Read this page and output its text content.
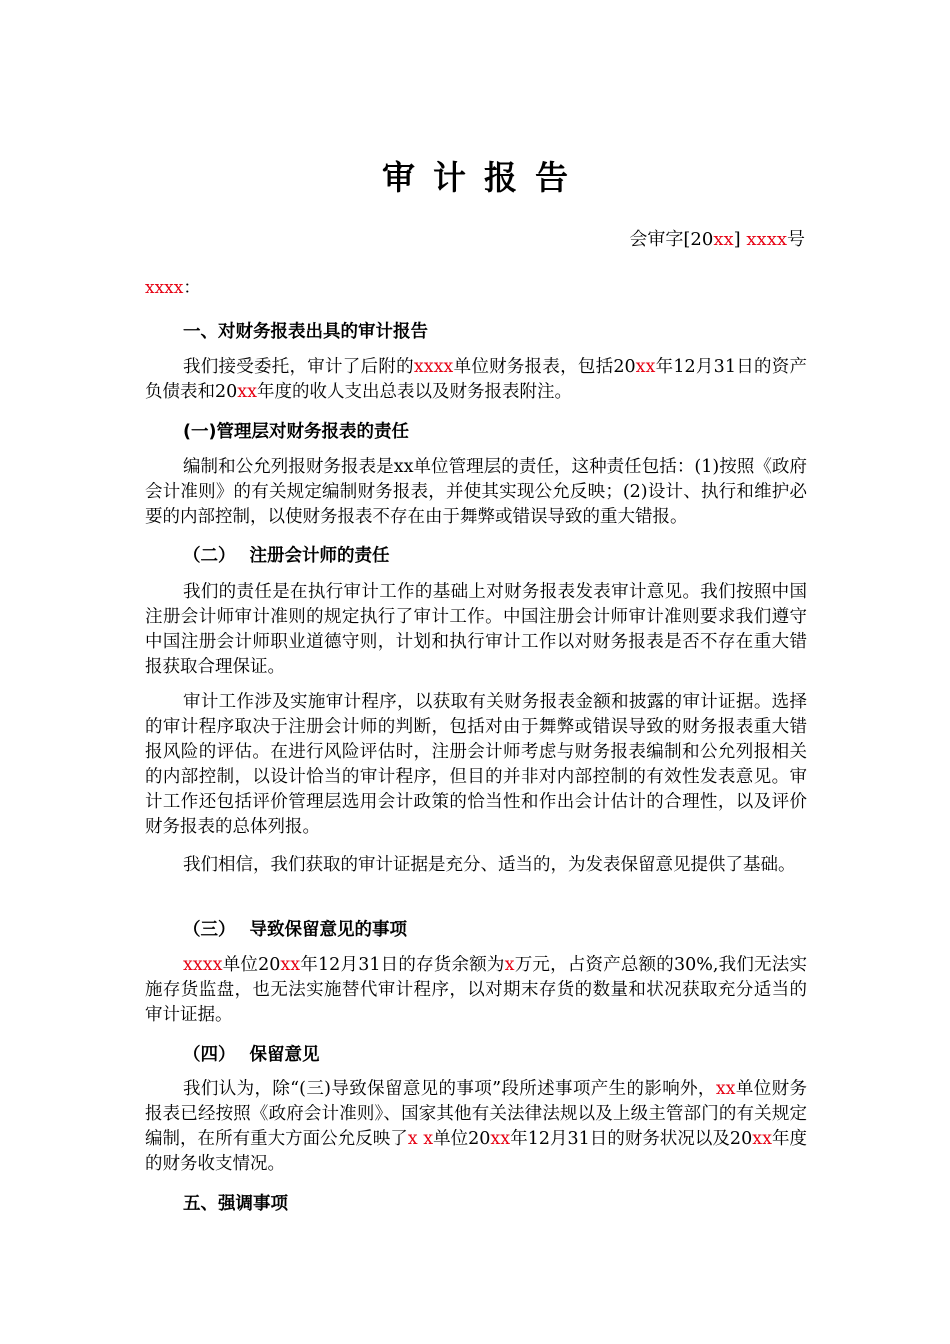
审计报告
会审字[20xx] xxxx号
xxxx：
一、对财务报表出具的审计报告

我们接受委托，审计了后附的xxxx单位财务报表，包括20xx年12月31日的资产负债表和20xx年度的收人支出总表以及财务报表附注。

(一)管理层对财务报表的责任

编制和公允列报财务报表是xx单位管理层的责任，这种责任包括：(1)按照《政府会计准则》的有关规定编制财务报表，并使其实现公允反映；(2)设计、执行和维护必要的内部控制，以使财务报表不存在由于舞弊或错误导致的重大错报。

（二） 注册会计师的责任

我们的责任是在执行审计工作的基础上对财务报表发表审计意见。我们按照中国注册会计师审计准则的规定执行了审计工作。中国注册会计师审计准则要求我们遵守中国注册会计师职业道德守则，计划和执行审计工作以对财务报表是否不存在重大错报获取合理保证。

审计工作涉及实施审计程序，以获取有关财务报表金额和披露的审计证据。选择的审计程序取决于注册会计师的判断，包括对由于舞弊或错误导致的财务报表重大错报风险的评估。在进行风险评估时，注册会计师考虑与财务报表编制和公允列报相关的内部控制，以设计恰当的审计程序，但目的并非对内部控制的有效性发表意见。审计工作还包括评价管理层选用会计政策的恰当性和作出会计估计的合理性，以及评价财务报表的总体列报。

我们相信，我们获取的审计证据是充分、适当的，为发表保留意见提供了基础。

（三） 导致保留意见的事项

xxxx单位20xx年12月31日的存货余额为x万元，占资产总额的30%,我们无法实施存货监盘，也无法实施替代审计程序，以对期末存货的数量和状况获取充分适当的审计证据。

（四） 保留意见

我们认为，除“(三)导致保留意见的事项”段所述事项产生的影响外，xx单位财务报表已经按照《政府会计准则》、国家其他有关法律法规以及上级主管部门的有关规定编制，在所有重大方面公允反映了x x单位20xx年12月31日的财务状况以及20xx年度的财务收支情况。

五、强调事项
